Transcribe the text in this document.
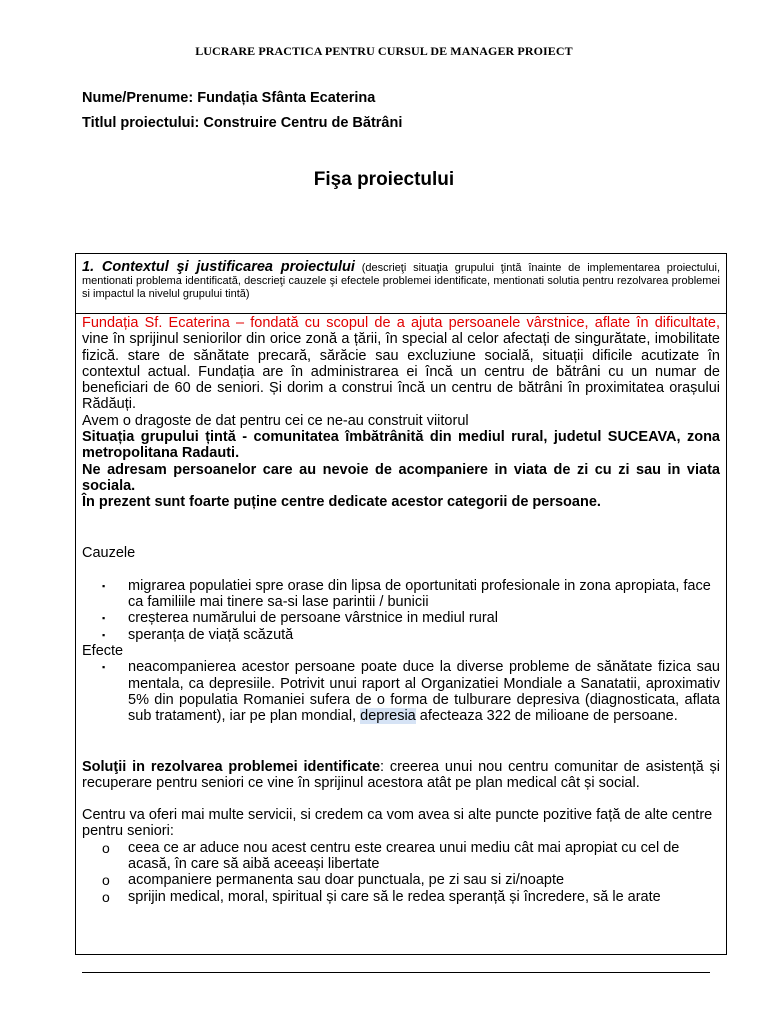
LUCRARE PRACTICA PENTRU CURSUL DE MANAGER PROIECT
Nume/Prenume: Fundația Sfânta Ecaterina
Titlul proiectului: Construire Centru de Bătrâni
Fişa proiectului
1. Contextul şi justificarea proiectului (descrieţi situaţia grupului ţintă înainte de implementarea proiectului, mentionati problema identificată, descrieţi cauzele şi efectele problemei identificate, mentionati solutia pentru rezolvarea problemei si impactul la nivelul grupului tintă)

Fundația Sf. Ecaterina – fondată cu scopul de a ajuta persoanele vârstnice, aflate în dificultate, vine în sprijinul seniorilor din orice zonă a țării, în special al celor afectați de singurătate, imobilitate fizică. stare de sănătate precară, sărăcie sau excluziune socială, situații dificile acutizate în contextul actual. Fundația are în administrarea ei încă un centru de bătrâni cu un numar de beneficiari de 60 de seniori. Și dorim a construi încă un centru de bătrâni în proximitatea orașului Rădăuți.

Avem o dragoste de dat pentru cei ce ne-au construit viitorul

Situația grupului țintă - comunitatea îmbătrânită din mediul rural, judetul SUCEAVA, zona metropolitana Radauti.

Ne adresam persoanelor care au nevoie de acompaniere in viata de zi cu zi sau in viata sociala.

În prezent sunt foarte puține centre dedicate acestor categorii de persoane.

Cauzele

▪ migrarea populatiei spre orase din lipsa de oportunitati profesionale in zona apropiata, face ca familiile mai tinere sa-si lase parintii / bunicii
▪ creșterea numărului de persoane vârstnice in mediul rural
▪ speranța de viață scăzută

Efecte

▪ neacompanierea acestor persoane poate duce la diverse probleme de sănătate fizica sau mentala, ca depresiile. Potrivit unui raport al Organizatiei Mondiale a Sanatatii, aproximativ 5% din populatia Romaniei sufera de o forma de tulburare depresiva (diagnosticata, aflata sub tratament), iar pe plan mondial, depresia afecteaza 322 de milioane de persoane.

Soluţii in rezolvarea problemei identificate: creerea unui nou centru comunitar de asistență și recuperare pentru seniori ce vine în sprijinul acestora atât pe plan medical cât și social.

Centru va oferi mai multe servicii, si credem ca vom avea si alte puncte pozitive față de alte centre pentru seniori:

o ceea ce ar aduce nou acest centru este crearea unui mediu cât mai apropiat cu cel de acasă, în care să aibă aceeași libertate
o acompaniere permanenta sau doar punctuala, pe zi sau si zi/noapte
o sprijin medical, moral, spiritual și care să le redea speranță și încredere, să le arate
